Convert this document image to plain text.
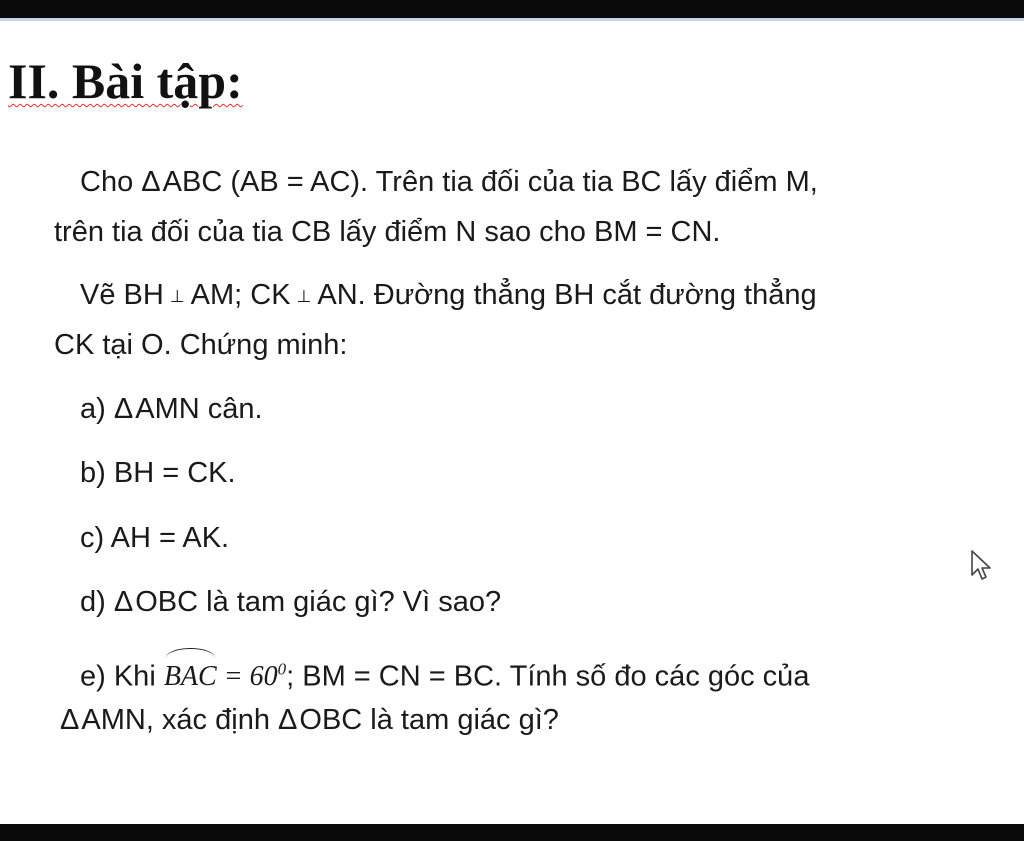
II. Bài tập:

Cho ΔABC (AB = AC). Trên tia đối của tia BC lấy điểm M,

trên tia đối của tia CB lấy điểm N sao cho BM = CN.

Vẽ BH ⊥ AM; CK ⊥ AN. Đường thẳng BH cắt đường thẳng

CK tại O. Chứng minh:

a) ΔAMN cân.

b) BH = CK.

c) AH = AK.

d) ΔOBC là tam giác gì? Vì sao?

e) Khi BAC = $60^0$; BM = CN = BC. Tính số đo các góc của

ΔAMN, xác định ΔOBC là tam giác gì?
